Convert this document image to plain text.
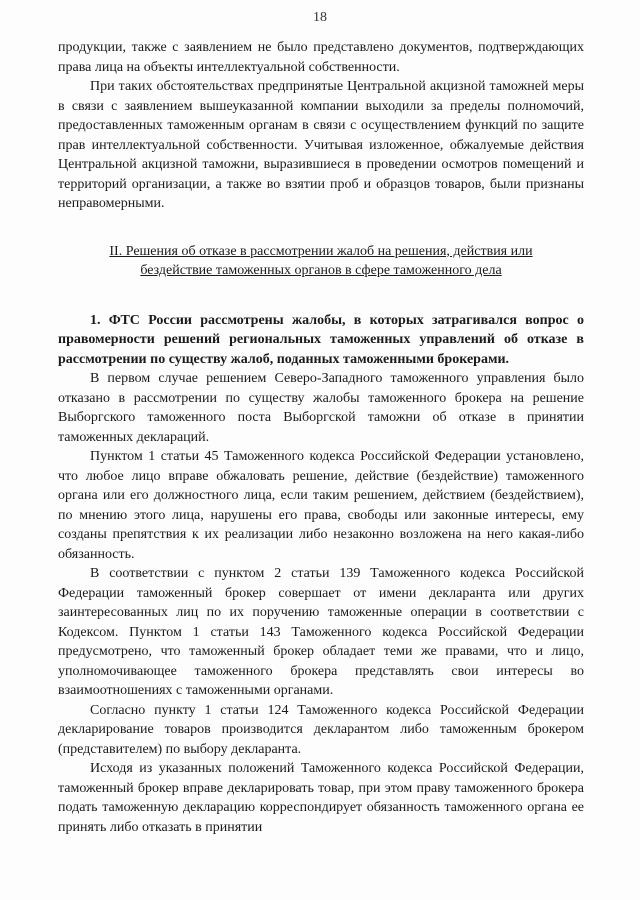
18

продукции, также с заявлением не было представлено документов, подтверждающих права лица на объекты интеллектуальной собственности.

При таких обстоятельствах предпринятые Центральной акцизной таможней меры в связи с заявлением вышеуказанной компании выходили за пределы полномочий, предоставленных таможенным органам в связи с осуществлением функций по защите прав интеллектуальной собственности. Учитывая изложенное, обжалуемые действия Центральной акцизной таможни, выразившиеся в проведении осмотров помещений и территорий организации, а также во взятии проб и образцов товаров, были признаны неправомерными.

II. Решения об отказе в рассмотрении жалоб на решения, действия или бездействие таможенных органов в сфере таможенного дела

1. ФТС России рассмотрены жалобы, в которых затрагивался вопрос о правомерности решений региональных таможенных управлений об отказе в рассмотрении по существу жалоб, поданных таможенными брокерами.

В первом случае решением Северо-Западного таможенного управления было отказано в рассмотрении по существу жалобы таможенного брокера на решение Выборгского таможенного поста Выборгской таможни об отказе в принятии таможенных деклараций.

Пунктом 1 статьи 45 Таможенного кодекса Российской Федерации установлено, что любое лицо вправе обжаловать решение, действие (бездействие) таможенного органа или его должностного лица, если таким решением, действием (бездействием), по мнению этого лица, нарушены его права, свободы или законные интересы, ему созданы препятствия к их реализации либо незаконно возложена на него какая-либо обязанность.

В соответствии с пунктом 2 статьи 139 Таможенного кодекса Российской Федерации таможенный брокер совершает от имени декларанта или других заинтересованных лиц по их поручению таможенные операции в соответствии с Кодексом. Пунктом 1 статьи 143 Таможенного кодекса Российской Федерации предусмотрено, что таможенный брокер обладает теми же правами, что и лицо, уполномочивающее таможенного брокера представлять свои интересы во взаимоотношениях с таможенными органами.

Согласно пункту 1 статьи 124 Таможенного кодекса Российской Федерации декларирование товаров производится декларантом либо таможенным брокером (представителем) по выбору декларанта.

Исходя из указанных положений Таможенного кодекса Российской Федерации, таможенный брокер вправе декларировать товар, при этом праву таможенного брокера подать таможенную декларацию корреспондирует обязанность таможенного органа ее принять либо отказать в принятии
